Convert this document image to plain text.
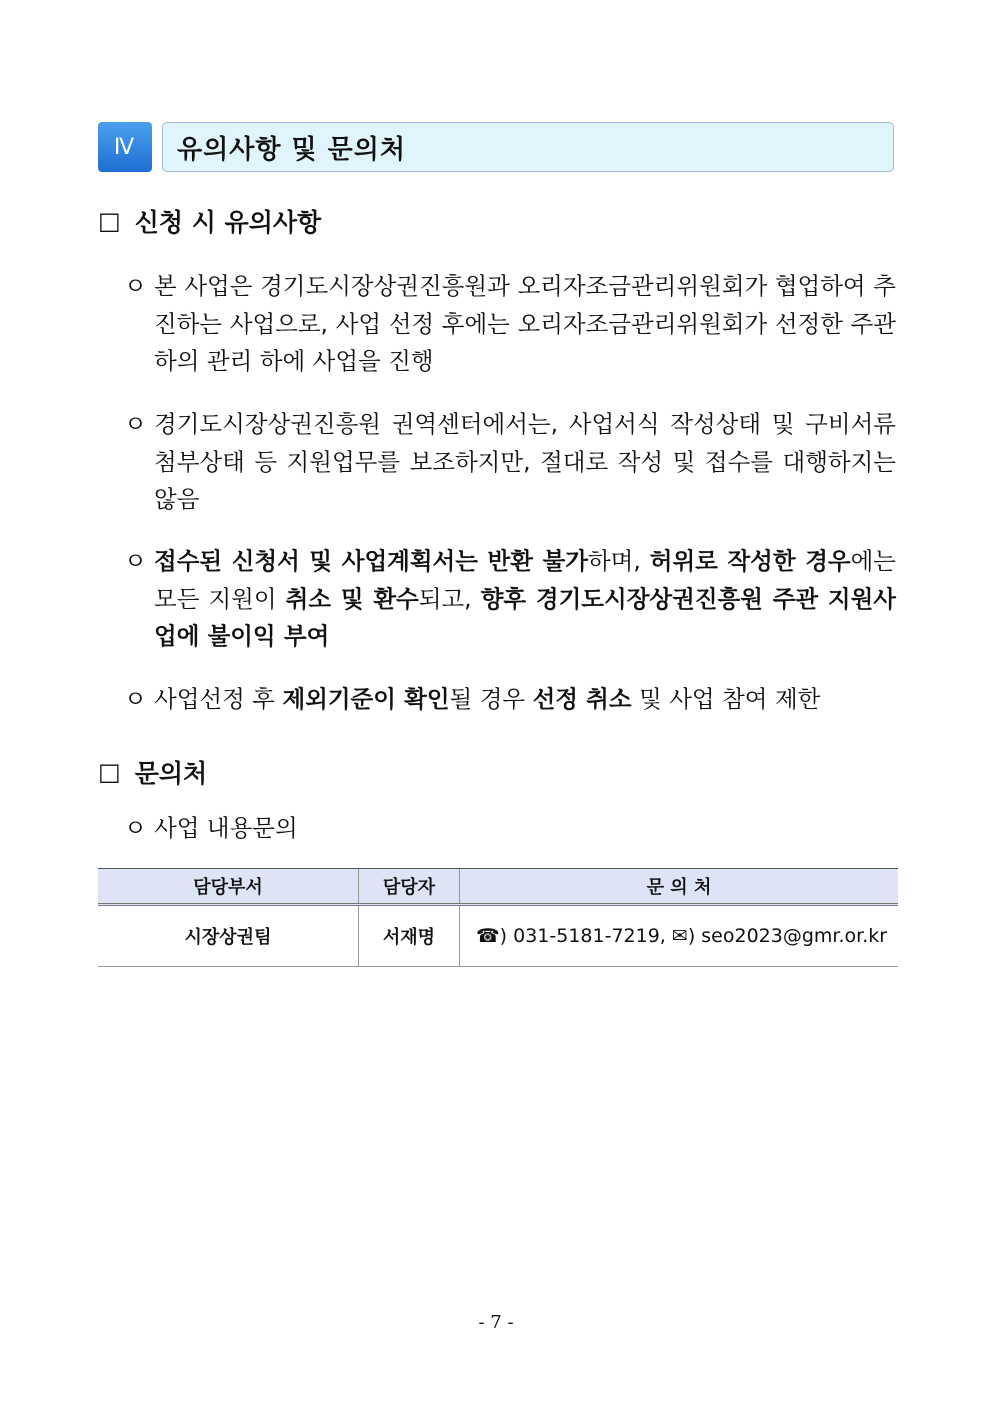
Ⅳ	유의사항 및 문의처
□ 신청 시 유의사항
ㅇ 본 사업은 경기도시장상권진흥원과 오리자조금관리위원회가 협업하여 추진하는 사업으로, 사업 선정 후에는 오리자조금관리위원회가 선정한 주관하의 관리 하에 사업을 진행
ㅇ 경기도시장상권진흥원 권역센터에서는, 사업서식 작성상태 및 구비서류 첨부상태 등 지원업무를 보조하지만, 절대로 작성 및 접수를 대행하지는 않음
ㅇ 접수된 신청서 및 사업계획서는 반환 불가하며, 허위로 작성한 경우에는 모든 지원이 취소 및 환수되고, 향후 경기도시장상권진흥원 주관 지원사업에 불이익 부여
ㅇ 사업선정 후 제외기준이 확인될 경우 선정 취소 및 사업 참여 제한
□ 문의처
ㅇ 사업 내용문의
담당부서	담당자	문 의 처
시장상권팀	서재명	☎) 031-5181-7219, ✉) seo2023@gmr.or.kr
- 7 -
